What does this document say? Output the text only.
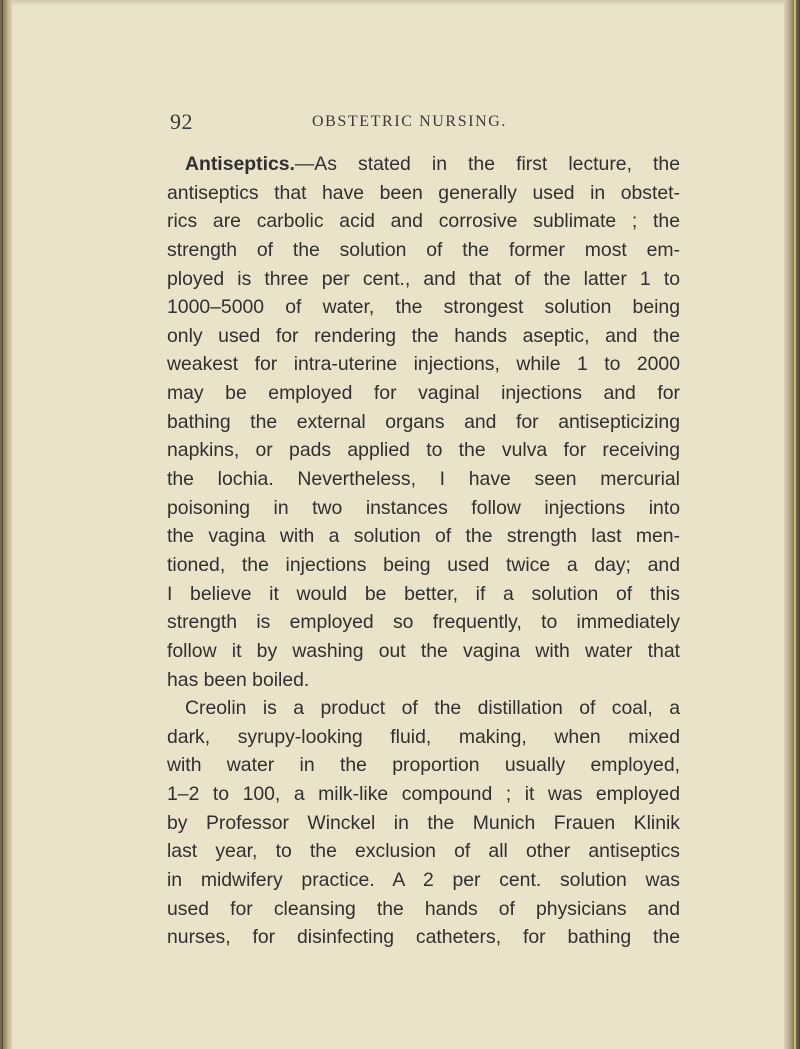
92	OBSTETRIC NURSING.
Antiseptics.—As stated in the first lecture, the
antiseptics that have been generally used in obstet-
rics are carbolic acid and corrosive sublimate ; the
strength of the solution of the former most em-
ployed is three per cent., and that of the latter 1 to
1000–5000 of water, the strongest solution being
only used for rendering the hands aseptic, and the
weakest for intra-uterine injections, while 1 to 2000
may be employed for vaginal injections and for
bathing the external organs and for antisepticizing
napkins, or pads applied to the vulva for receiving
the lochia. Nevertheless, I have seen mercurial
poisoning in two instances follow injections into
the vagina with a solution of the strength last men-
tioned, the injections being used twice a day; and
I believe it would be better, if a solution of this
strength is employed so frequently, to immediately
follow it by washing out the vagina with water that
has been boiled.
Creolin is a product of the distillation of coal, a
dark, syrupy-looking fluid, making, when mixed
with water in the proportion usually employed,
1–2 to 100, a milk-like compound ; it was employed
by Professor Winckel in the Munich Frauen Klinik
last year, to the exclusion of all other antiseptics
in midwifery practice. A 2 per cent. solution was
used for cleansing the hands of physicians and
nurses, for disinfecting catheters, for bathing the
